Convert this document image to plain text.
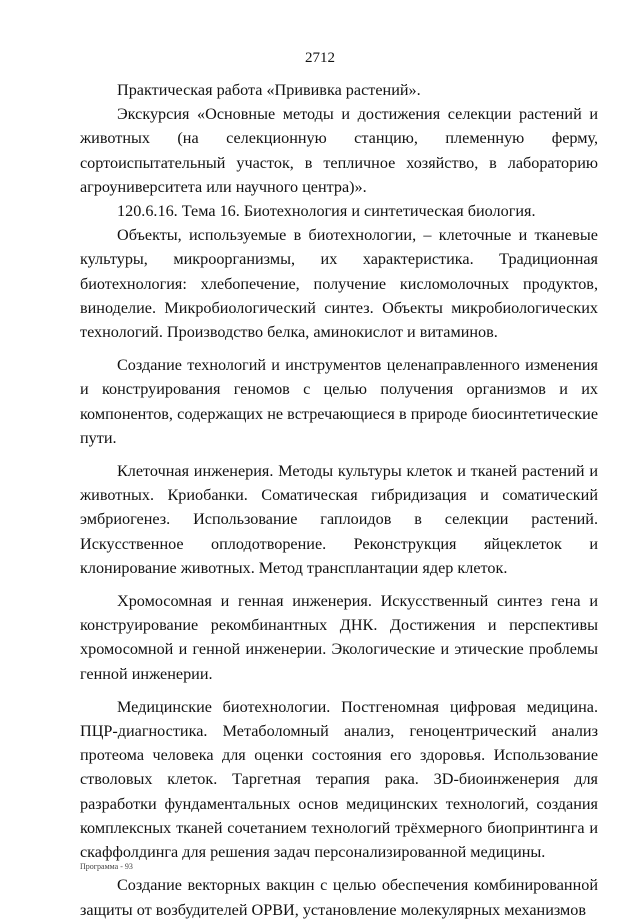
2712

Практическая работа «Прививка растений».

Экскурсия «Основные методы и достижения селекции растений и животных (на селекционную станцию, племенную ферму, сортоиспытательный участок, в тепличное хозяйство, в лабораторию агроуниверситета или научного центра)».

120.6.16. Тема 16. Биотехнология и синтетическая биология.

Объекты, используемые в биотехнологии, – клеточные и тканевые культуры, микроорганизмы, их характеристика. Традиционная биотехнология: хлебопечение, получение кисломолочных продуктов, виноделие. Микробиологический синтез. Объекты микробиологических технологий. Производство белка, аминокислот и витаминов.

Создание технологий и инструментов целенаправленного изменения и конструирования геномов с целью получения организмов и их компонентов, содержащих не встречающиеся в природе биосинтетические пути.

Клеточная инженерия. Методы культуры клеток и тканей растений и животных. Криобанки. Соматическая гибридизация и соматический эмбриогенез. Использование гаплоидов в селекции растений. Искусственное оплодотворение. Реконструкция яйцеклеток и клонирование животных. Метод трансплантации ядер клеток.

Хромосомная и генная инженерия. Искусственный синтез гена и конструирование рекомбинантных ДНК. Достижения и перспективы хромосомной и генной инженерии. Экологические и этические проблемы генной инженерии.

Медицинские биотехнологии. Постгеномная цифровая медицина. ПЦР-диагностика. Метаболомный анализ, геноцентрический анализ протеома человека для оценки состояния его здоровья. Использование стволовых клеток. Таргетная терапия рака. 3D-биоинженерия для разработки фундаментальных основ медицинских технологий, создания комплексных тканей сочетанием технологий трёхмерного биопринтинга и скаффолдинга для решения задач персонализированной медицины.

Создание векторных вакцин с целью обеспечения комбинированной защиты от возбудителей ОРВИ, установление молекулярных механизмов

Программа - 93
